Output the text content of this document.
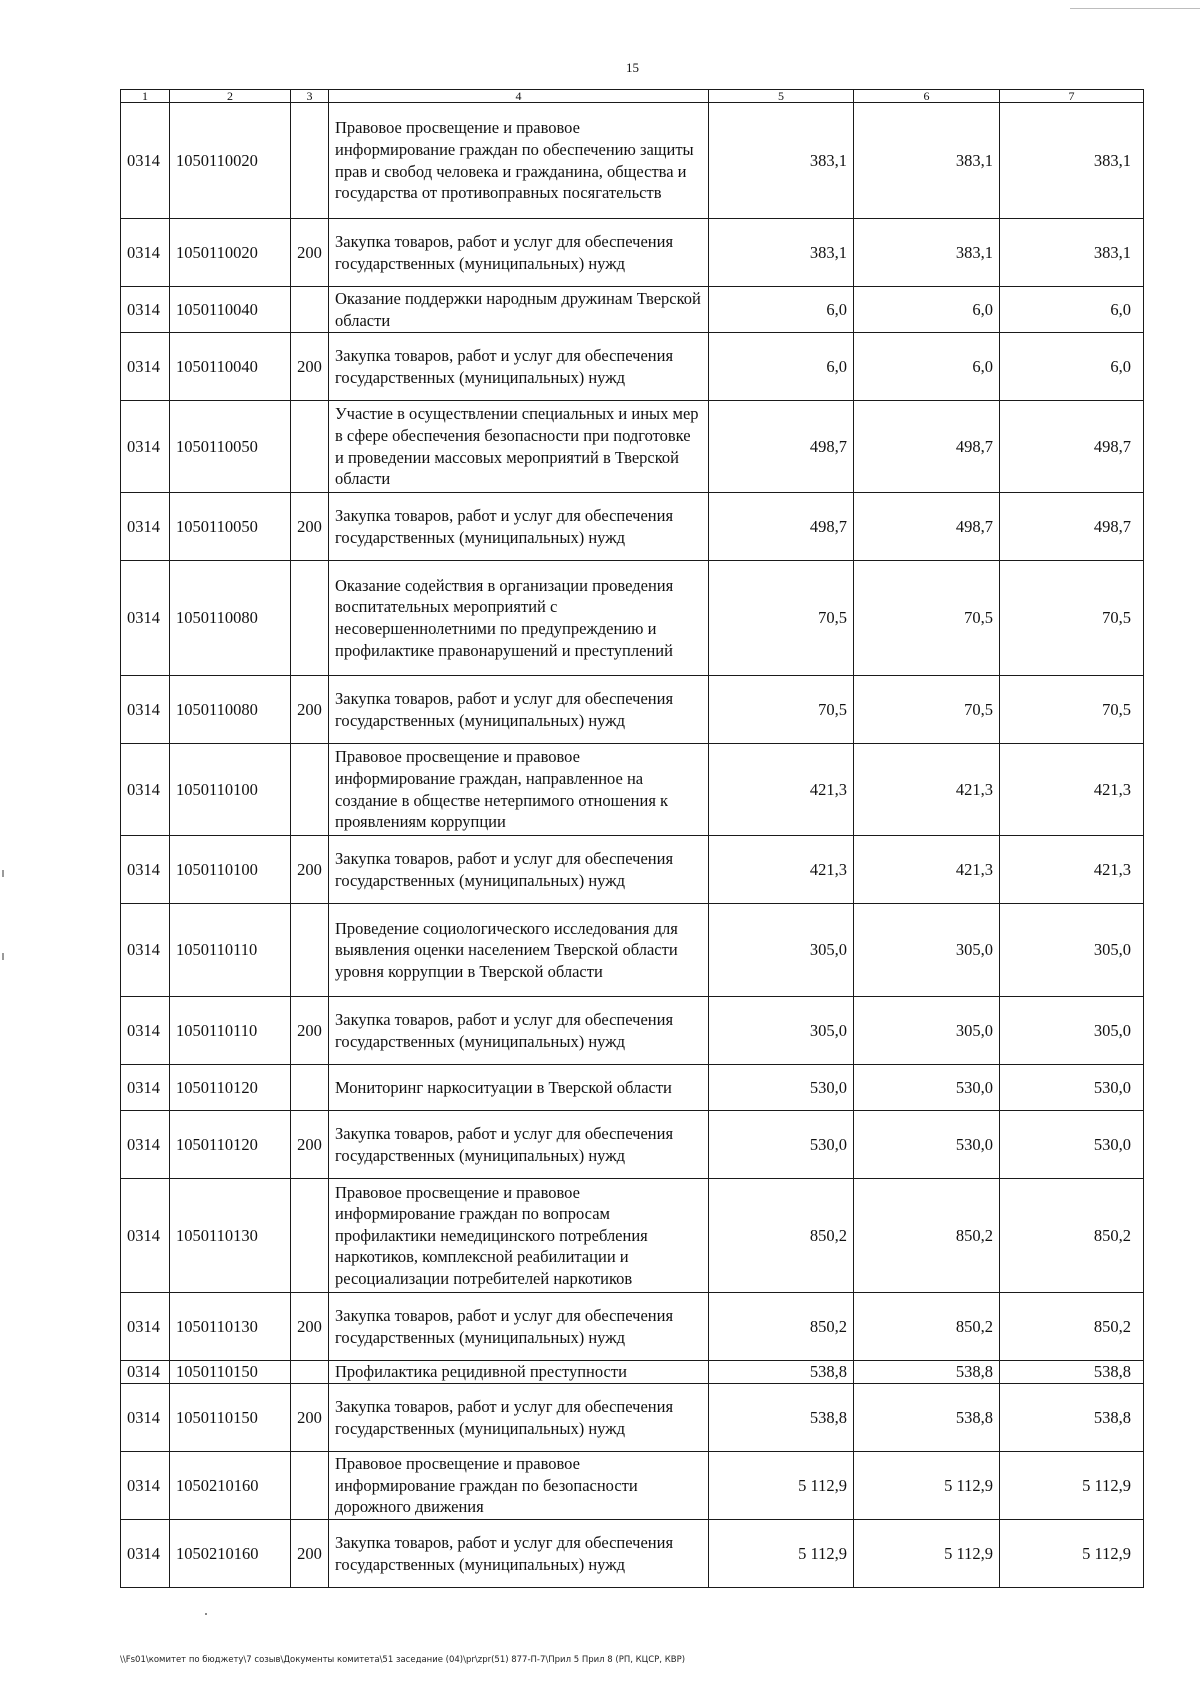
15
1	2	3	4	5	6	7
0314	1050110020		Правовое просвещение и правовое информирование граждан по обеспечению защиты прав и свобод человека и гражданина, общества и государства от противоправных посягательств	383,1	383,1	383,1
0314	1050110020	200	Закупка товаров, работ и услуг для обеспечения государственных (муниципальных) нужд	383,1	383,1	383,1
0314	1050110040		Оказание поддержки народным дружинам Тверской области	6,0	6,0	6,0
0314	1050110040	200	Закупка товаров, работ и услуг для обеспечения государственных (муниципальных) нужд	6,0	6,0	6,0
0314	1050110050		Участие в осуществлении специальных и иных мер в сфере обеспечения безопасности при подготовке и проведении массовых мероприятий в Тверской области	498,7	498,7	498,7
0314	1050110050	200	Закупка товаров, работ и услуг для обеспечения государственных (муниципальных) нужд	498,7	498,7	498,7
0314	1050110080		Оказание содействия в организации проведения воспитательных мероприятий с несовершеннолетними по предупреждению и профилактике правонарушений и преступлений	70,5	70,5	70,5
0314	1050110080	200	Закупка товаров, работ и услуг для обеспечения государственных (муниципальных) нужд	70,5	70,5	70,5
0314	1050110100		Правовое просвещение и правовое информирование граждан, направленное на создание в обществе нетерпимого отношения к проявлениям коррупции	421,3	421,3	421,3
0314	1050110100	200	Закупка товаров, работ и услуг для обеспечения государственных (муниципальных) нужд	421,3	421,3	421,3
0314	1050110110		Проведение социологического исследования для выявления оценки населением Тверской области уровня коррупции в Тверской области	305,0	305,0	305,0
0314	1050110110	200	Закупка товаров, работ и услуг для обеспечения государственных (муниципальных) нужд	305,0	305,0	305,0
0314	1050110120		Мониторинг наркоситуации в Тверской области	530,0	530,0	530,0
0314	1050110120	200	Закупка товаров, работ и услуг для обеспечения государственных (муниципальных) нужд	530,0	530,0	530,0
0314	1050110130		Правовое просвещение и правовое информирование граждан по вопросам профилактики немедицинского потребления наркотиков, комплексной реабилитации и ресоциализации потребителей наркотиков	850,2	850,2	850,2
0314	1050110130	200	Закупка товаров, работ и услуг для обеспечения государственных (муниципальных) нужд	850,2	850,2	850,2
0314	1050110150		Профилактика рецидивной преступности	538,8	538,8	538,8
0314	1050110150	200	Закупка товаров, работ и услуг для обеспечения государственных (муниципальных) нужд	538,8	538,8	538,8
0314	1050210160		Правовое просвещение и правовое информирование граждан по безопасности дорожного движения	5 112,9	5 112,9	5 112,9
0314	1050210160	200	Закупка товаров, работ и услуг для обеспечения государственных (муниципальных) нужд	5 112,9	5 112,9	5 112,9
\\Fs01\комитет по бюджету\7 созыв\Документы комитета\51 заседание (04)\pr\zpr(51) 877-П-7\Прил 5 Прил 8 (РП, КЦСР, КВР)
